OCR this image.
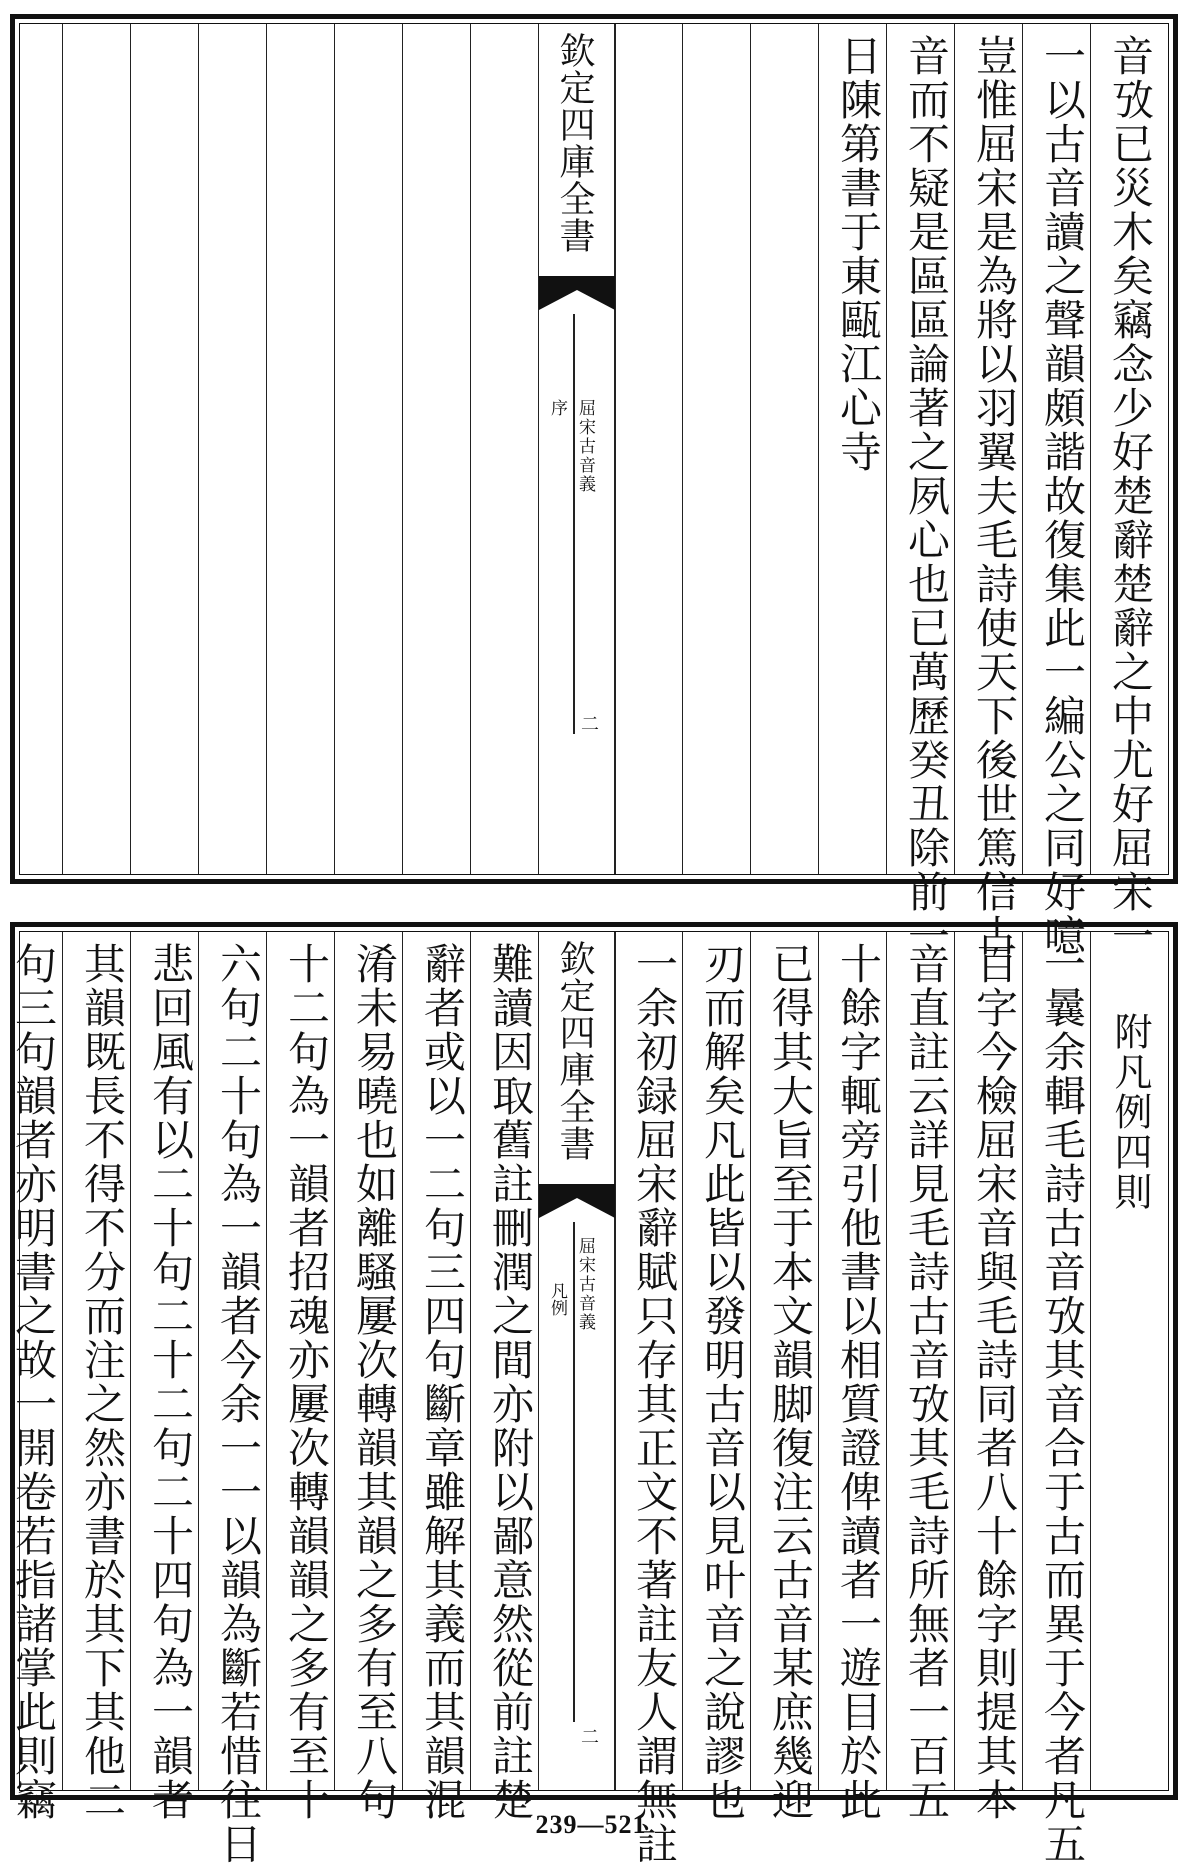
音攷已災木矣竊念少好楚辭楚辭之中尤好屈宋一
一以古音讀之聲韻頗諧故復集此一編公之同好噫
豈惟屈宋是為將以羽翼夫毛詩使天下後世篤信古
音而不疑是區區論著之夙心也已萬歷癸丑除前一
日陳第書于東甌江心寺
欽定四庫全書
屈宋古音義
序
二
附凡例四則
一曩余輯毛詩古音攷其音合于古而異于今者凡五
百字今檢屈宋音與毛詩同者八十餘字則提其本
音直註云詳見毛詩古音攷其毛詩所無者一百五
十餘字輒旁引他書以相質證俾讀者一遊目於此
已得其大旨至于本文韻脚復注云古音某庶幾迎
刃而解矣凡此皆以發明古音以見叶音之說謬也
一余初録屈宋辭賦只存其正文不著註友人謂無註
欽定四庫全書
屈宋古音義
凡例
二
難讀因取舊註刪潤之間亦附以鄙意然從前註楚
辭者或以一二句三四句斷章雖解其義而其韻混
淆未易曉也如離騷屢次轉韻其韻之多有至八句
十二句為一韻者招魂亦屢次轉韻韻之多有至十
六句二十句為一韻者今余一一以韻為斷若惜往日
悲回風有以二十句二十二句二十四句為一韻者
其韻既長不得不分而注之然亦書於其下其他二
句三句韻者亦明書之故一開卷若指諸掌此則竊
239—521
